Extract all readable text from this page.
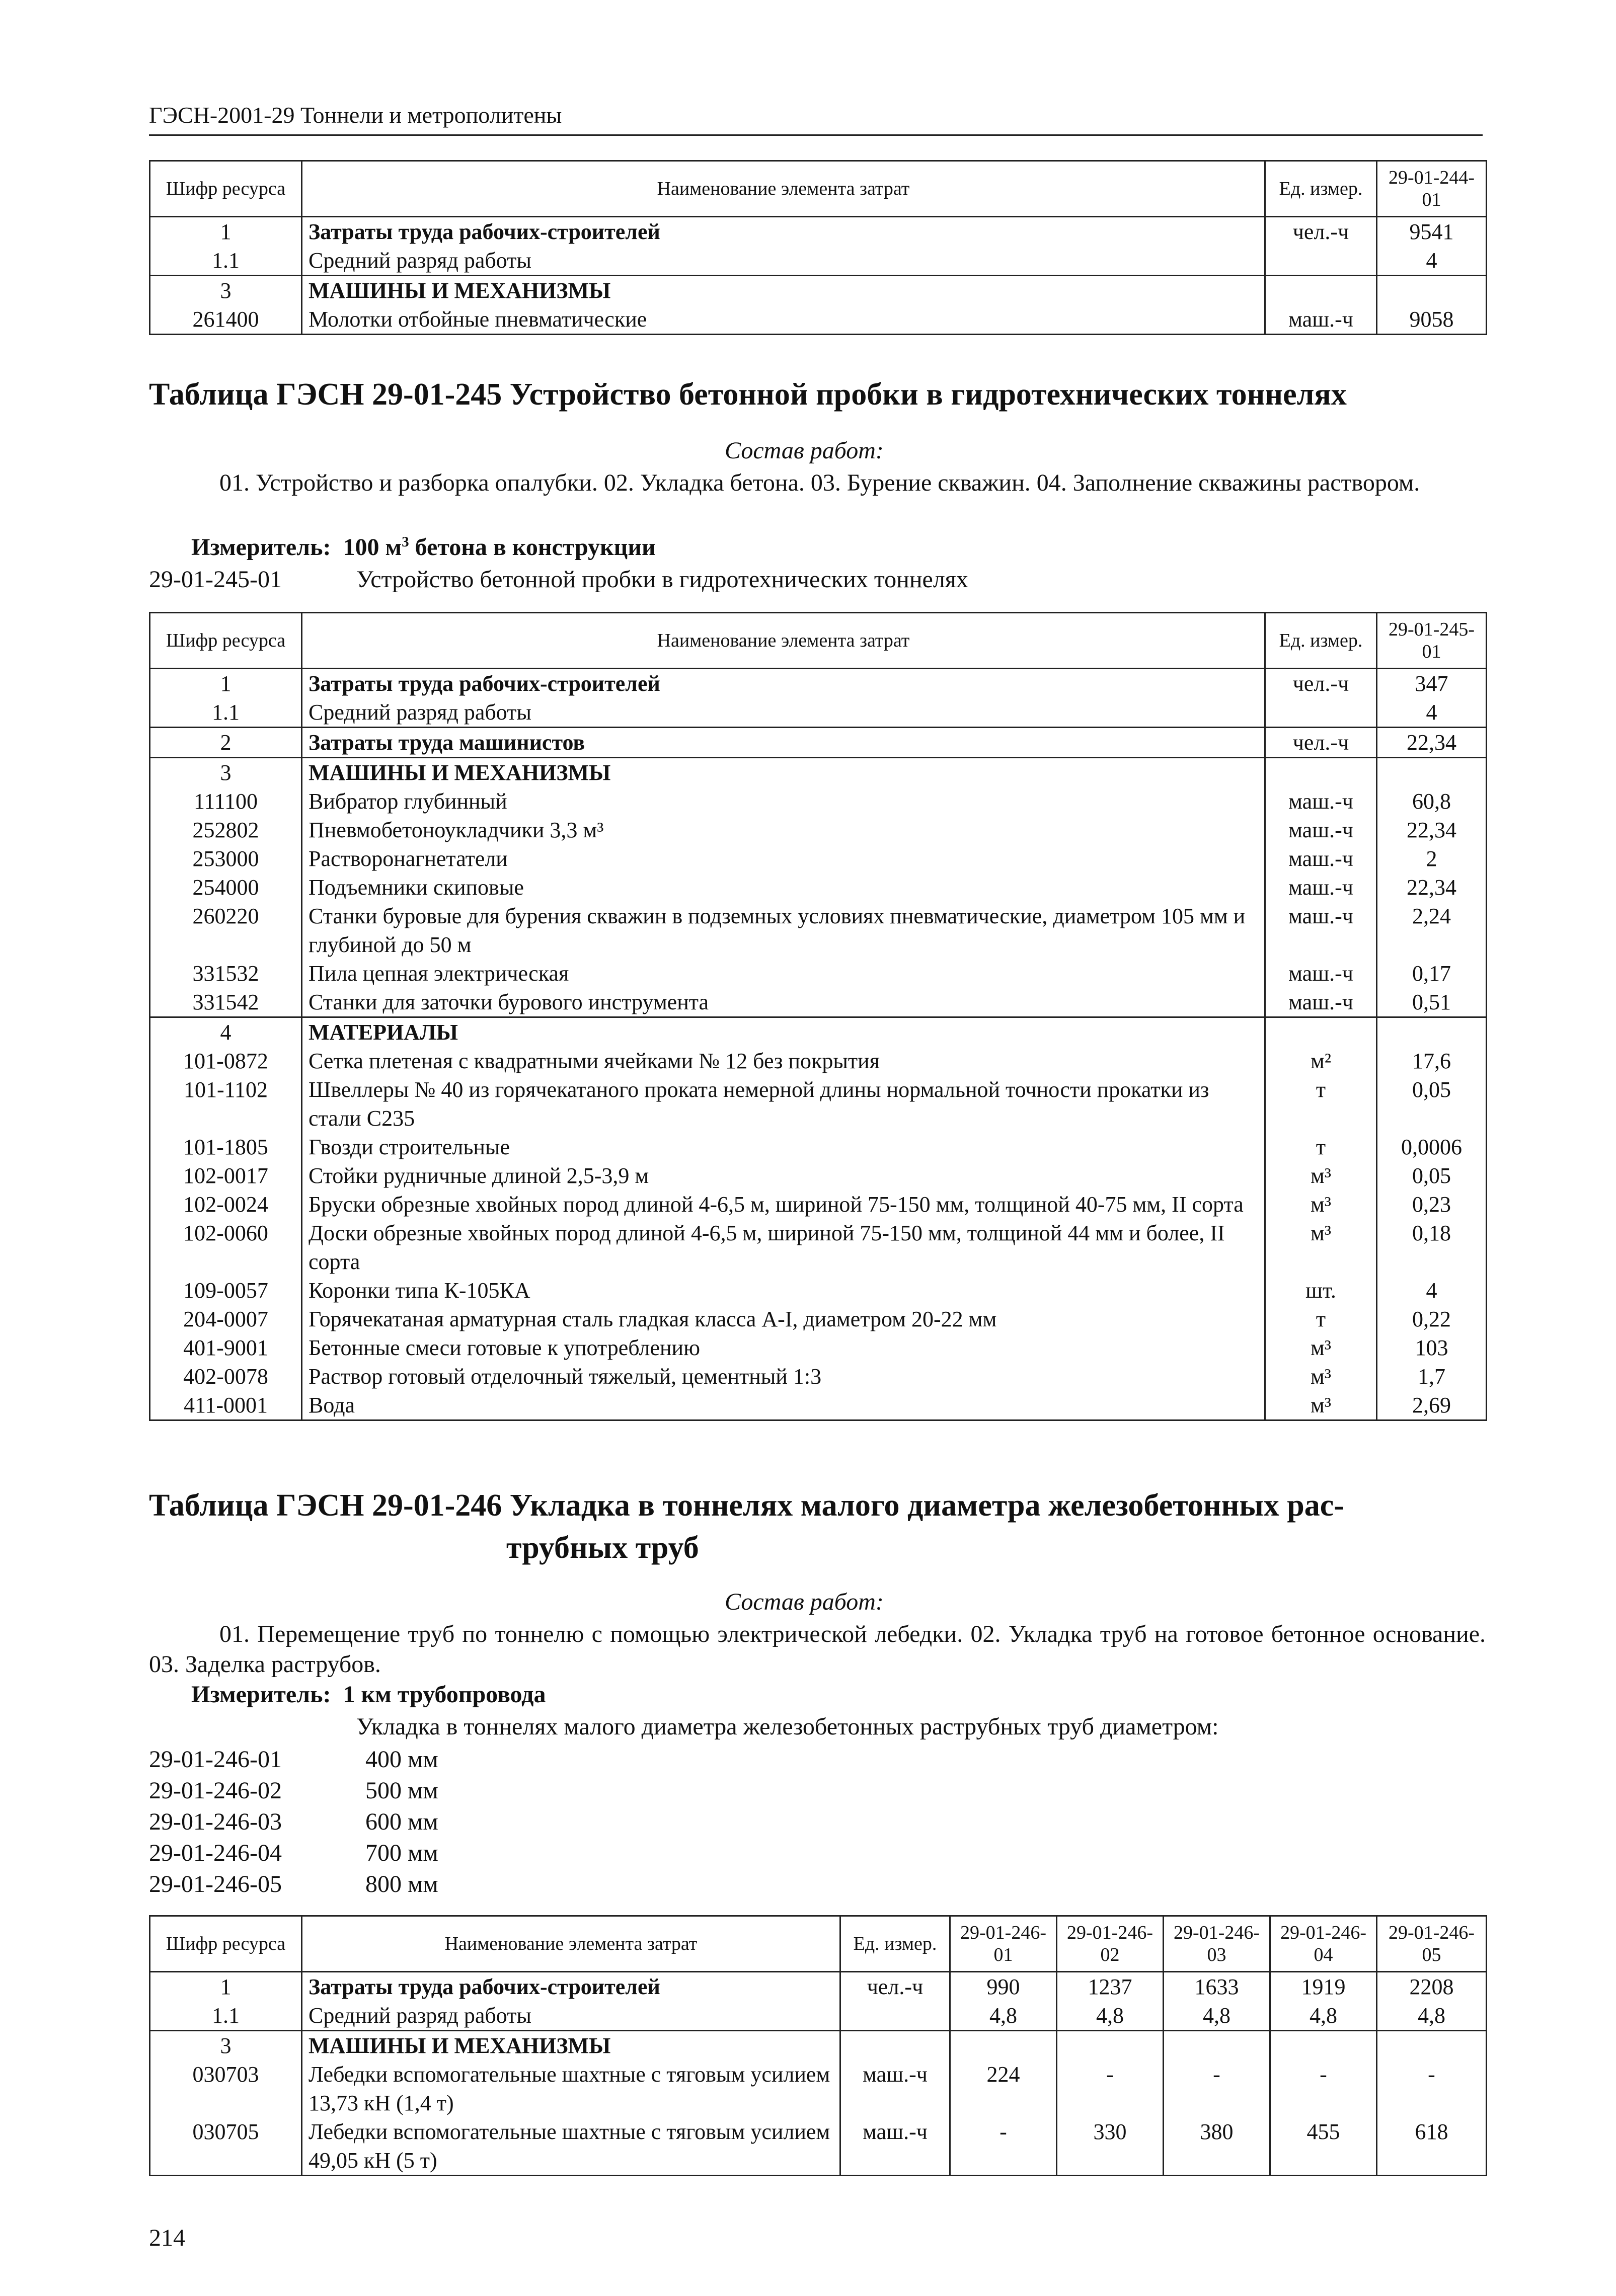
ГЭСН-2001-29 Тоннели и метрополитены
Шифр ресурса	Наименование элемента затрат	Ед. измер.	29-01-244-01
1	Затраты труда рабочих-строителей	чел.-ч	9541
1.1	Средний разряд работы		4
3	МАШИНЫ И МЕХАНИЗМЫ		
261400	Молотки отбойные пневматические	маш.-ч	9058
Таблица ГЭСН 29-01-245 Устройство бетонной пробки в гидротехнических тоннелях
Состав работ:
01. Устройство и разборка опалубки. 02. Укладка бетона. 03. Бурение скважин. 04. Заполнение скважины раствором.
Измеритель: 100 $м^3$ бетона в конструкции
29-01-245-01	Устройство бетонной пробки в гидротехнических тоннелях
Шифр ресурса	Наименование элемента затрат	Ед. измер.	29-01-245-01
1	Затраты труда рабочих-строителей	чел.-ч	347
1.1	Средний разряд работы		4
2	Затраты труда машинистов	чел.-ч	22,34
3	МАШИНЫ И МЕХАНИЗМЫ		
111100	Вибратор глубинный	маш.-ч	60,8
252802	Пневмобетоноукладчики 3,3 м³	маш.-ч	22,34
253000	Растворонагнетатели	маш.-ч	2
254000	Подъемники скиповые	маш.-ч	22,34
260220	Станки буровые для бурения скважин в подземных условиях пневматические, диаметром 105 мм и глубиной до 50 м	маш.-ч	2,24
331532	Пила цепная электрическая	маш.-ч	0,17
331542	Станки для заточки бурового инструмента	маш.-ч	0,51
4	МАТЕРИАЛЫ		
101-0872	Сетка плетеная с квадратными ячейками № 12 без покрытия	м²	17,6
101-1102	Швеллеры № 40 из горячекатаного проката немерной длины нормальной точности прокатки из стали С235	т	0,05
101-1805	Гвозди строительные	т	0,0006
102-0017	Стойки рудничные длиной 2,5-3,9 м	м³	0,05
102-0024	Бруски обрезные хвойных пород длиной 4-6,5 м, шириной 75-150 мм, толщиной 40-75 мм, II сорта	м³	0,23
102-0060	Доски обрезные хвойных пород длиной 4-6,5 м, шириной 75-150 мм, толщиной 44 мм и более, II сорта	м³	0,18
109-0057	Коронки типа К-105КА	шт.	4
204-0007	Горячекатаная арматурная сталь гладкая класса А-I, диаметром 20-22 мм	т	0,22
401-9001	Бетонные смеси готовые к употреблению	м³	103
402-0078	Раствор готовый отделочный тяжелый, цементный 1:3	м³	1,7
411-0001	Вода	м³	2,69
Таблица ГЭСН 29-01-246 Укладка в тоннелях малого диаметра железобетонных рас-
трубных труб
Состав работ:
01. Перемещение труб по тоннелю с помощью электрической лебедки. 02. Укладка труб на готовое бетонное основание. 03. Заделка раструбов.
Измеритель: 1 км трубопровода
Укладка в тоннелях малого диаметра железобетонных раструбных труб диаметром:
29-01-246-01	400 мм
29-01-246-02	500 мм
29-01-246-03	600 мм
29-01-246-04	700 мм
29-01-246-05	800 мм
Шифр ресурса	Наименование элемента затрат	Ед. измер.	29-01-246-01	29-01-246-02	29-01-246-03	29-01-246-04	29-01-246-05
1	Затраты труда рабочих-строителей	чел.-ч	990	1237	1633	1919	2208
1.1	Средний разряд работы		4,8	4,8	4,8	4,8	4,8
3	МАШИНЫ И МЕХАНИЗМЫ						
030703	Лебедки вспомогательные шахтные с тяговым усилием 13,73 кН (1,4 т)	маш.-ч	224	-	-	-	-
030705	Лебедки вспомогательные шахтные с тяговым усилием 49,05 кН (5 т)	маш.-ч	-	330	380	455	618
214
